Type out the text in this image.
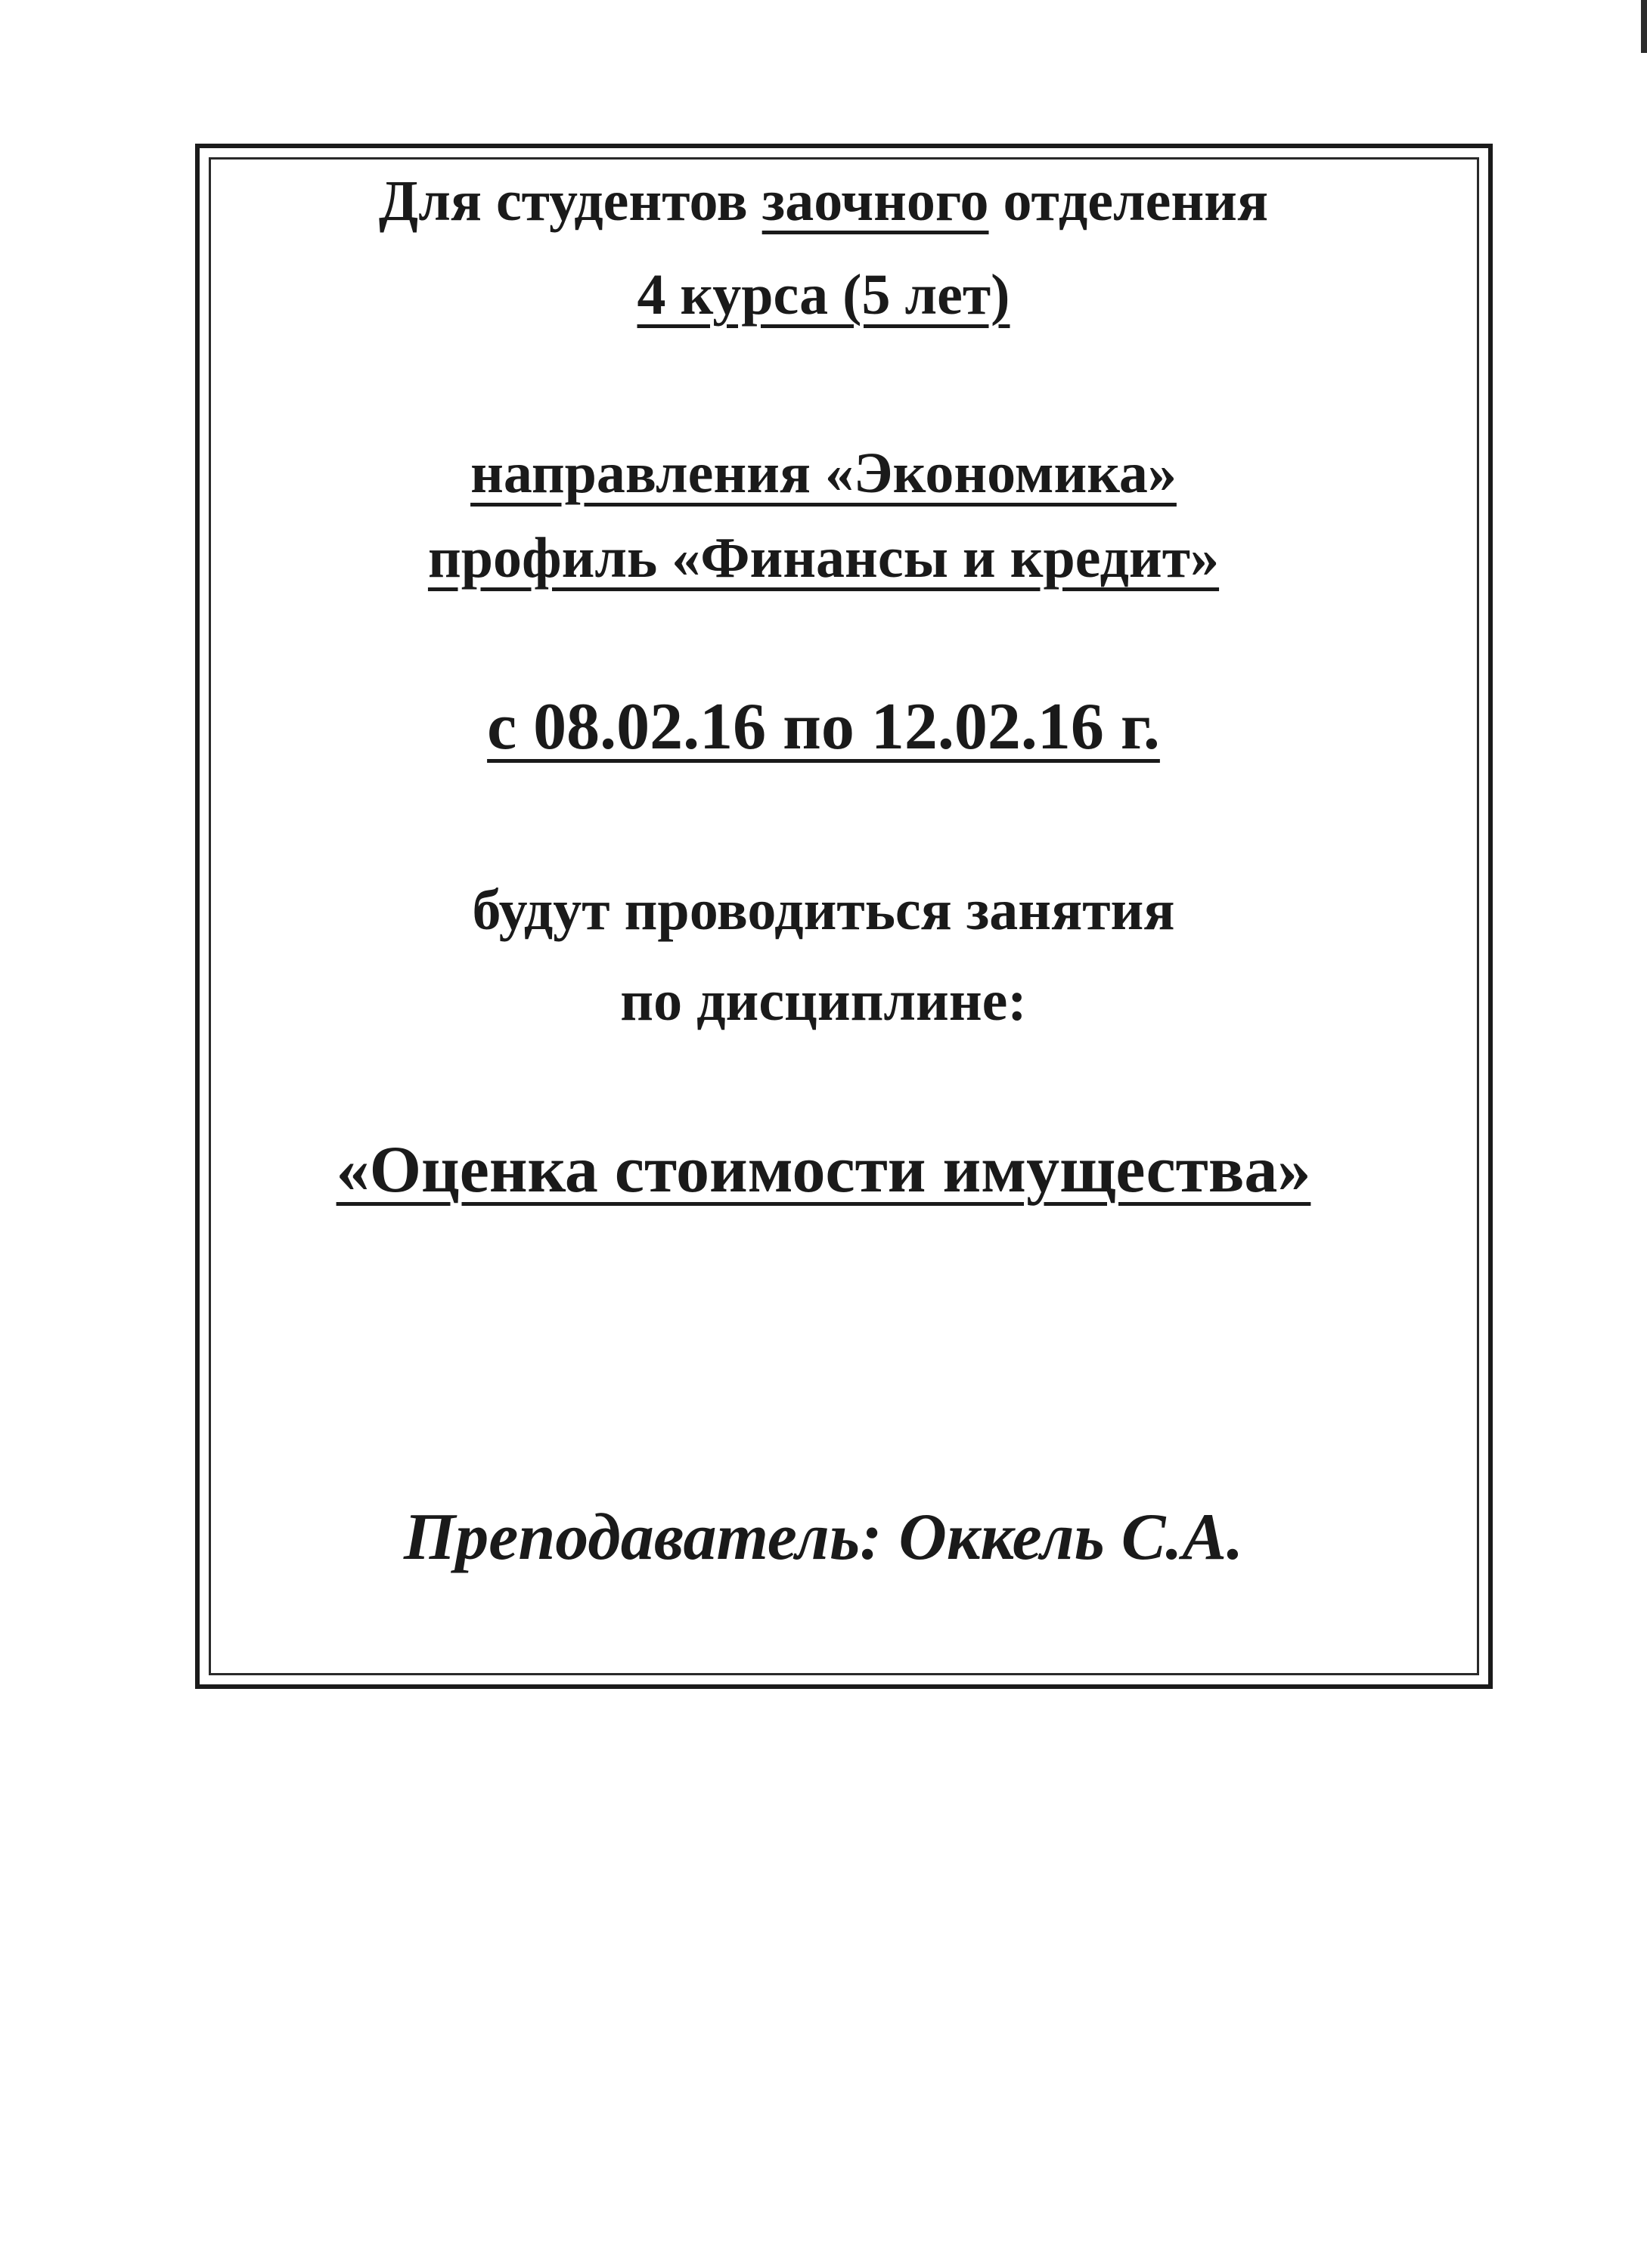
Для студентов заочного отделения
4 курса (5 лет)
направления «Экономика»
профиль «Финансы и кредит»
с 08.02.16 по 12.02.16 г.
будут проводиться занятия
по дисциплине:
«Оценка стоимости имущества»
Преподаватель: Оккель С.А.
